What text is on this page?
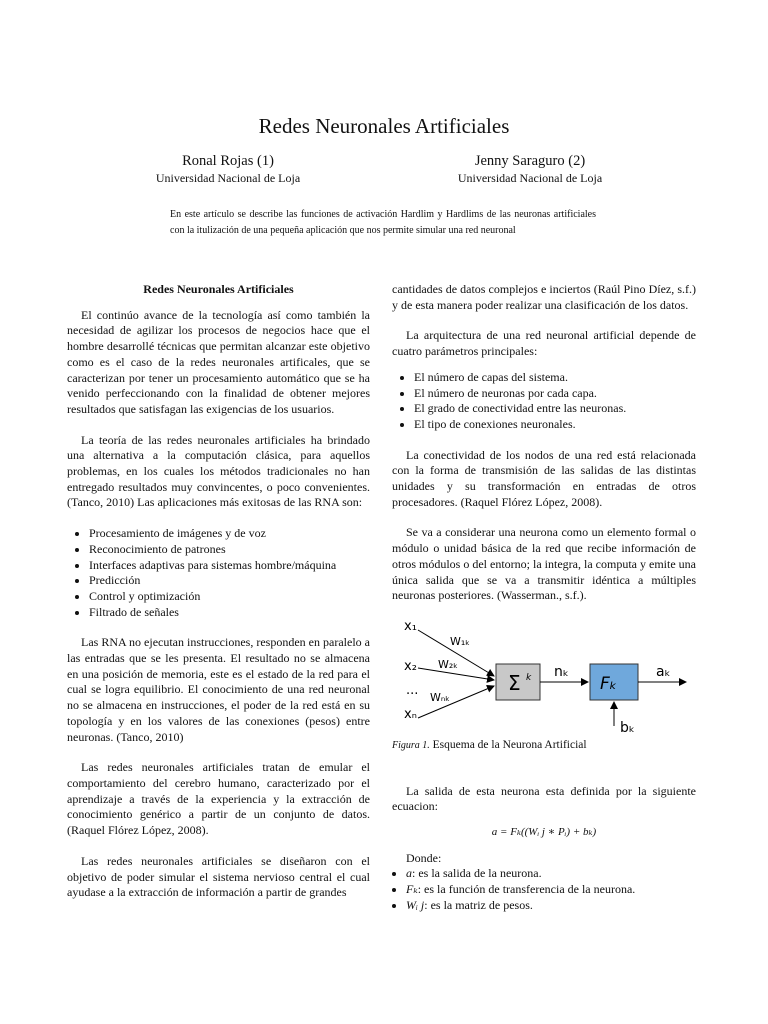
Redes Neuronales Artificiales
Ronal Rojas (1)
Universidad Nacional de Loja
Jenny Saraguro (2)
Universidad Nacional de Loja
En este artículo se describe las funciones de activación Hardlim y Hardlims de las neuronas artificiales con la itulización de una pequeña aplicación que nos permite simular una red neuronal
Redes Neuronales Artificiales

El continúo avance de la tecnología así como también la necesidad de agilizar los procesos de negocios hace que el hombre desarrollé técnicas que permitan alcanzar este objetivo como es el caso de la redes neuronales artificales, que se caracterizan por tener un procesamiento automático que se ha venido perfeccionando con la finalidad de obtener mejores resultados que satisfagan las exigencias de los usuarios.

La teoría de las redes neuronales artificiales ha brindado una alternativa a la computación clásica, para aquellos problemas, en los cuales los métodos tradicionales no han entregado resultados muy convincentes, o poco convenientes. (Tanco, 2010) Las aplicaciones más exitosas de las RNA son:

• Procesamiento de imágenes y de voz
• Reconocimiento de patrones
• Interfaces adaptivas para sistemas hombre/máquina
• Predicción
• Control y optimización
• Filtrado de señales

Las RNA no ejecutan instrucciones, responden en paralelo a las entradas que se les presenta. El resultado no se almacena en una posición de memoria, este es el estado de la red para el cual se logra equilibrio. El conocimiento de una red neuronal no se almacena en instrucciones, el poder de la red está en su topología y en los valores de las conexiones (pesos) entre neuronas. (Tanco, 2010)

Las redes neuronales artificiales tratan de emular el comportamiento del cerebro humano, caracterizado por el aprendizaje a través de la experiencia y la extracción de conocimiento genérico a partir de un conjunto de datos.(Raquel Flórez López, 2008).

Las redes neuronales artificiales se diseñaron con el objetivo de poder simular el sistema nervioso central el cual ayudase a la extracción de información a partir de grandes

cantidades de datos complejos e inciertos (Raúl Pino Díez, s.f.) y de esta manera poder realizar una clasificación de los datos.

La arquitectura de una red neuronal artificial depende de cuatro parámetros principales:

• El número de capas del sistema.
• El número de neuronas por cada capa.
• El grado de conectividad entre las neuronas.
• El tipo de conexiones neuronales.

La conectividad de los nodos de una red está relacionada con la forma de transmisión de las salidas de las distintas unidades y su transformación en entradas de otros procesadores. (Raquel Flórez López, 2008).

Se va a considerar una neurona como un elemento formal o módulo o unidad básica de la red que recibe información de otros módulos o del entorno; la integra, la computa y emite una única salida que se va a transmitir idéntica a múltiples neuronas posteriores. (Wasserman., s.f.).

x₁
x₂
...
xₙ
W₁ₖ
W₂ₖ
Wₙₖ
Σ k nₖ
Fₖ
aₖ
bₖ
Figura 1. Esquema de la Neurona Artificial

La salida de esta neurona esta definida por la siguiente ecuacion:

a = Fₖ((Wᵢ j ∗ Pᵢ) + bₖ)

Donde:

• a: es la salida de la neurona.
• Fₖ: es la función de transferencia de la neurona.
• Wᵢ j: es la matriz de pesos.
